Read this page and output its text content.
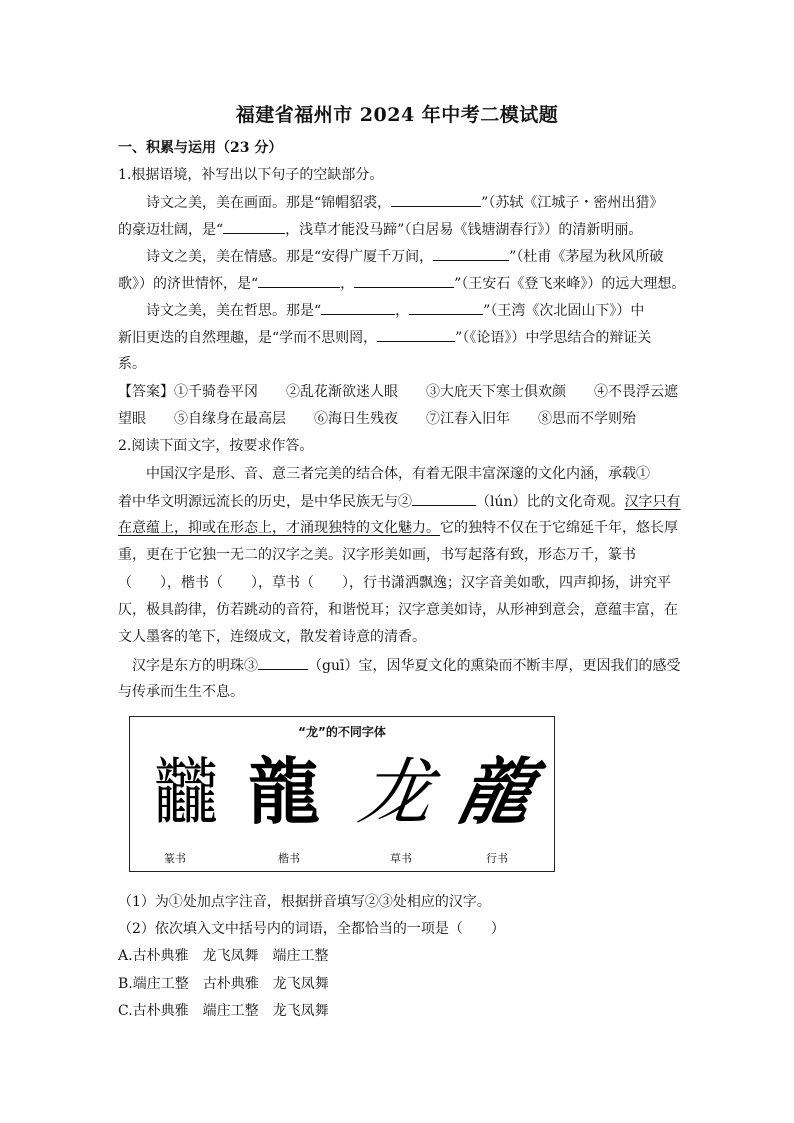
福建省福州市 2024 年中考二模试题
一、积累与运用（23 分）
1.根据语境，补写出以下句子的空缺部分。
诗文之美，美在画面。那是“锦帽貂裘，	”（苏轼《江城子・密州出猎》
的豪迈壮阔，是“	，浅草才能没马蹄”（白居易《钱塘湖春行》）的清新明丽。
诗文之美，美在情感。那是“安得广厦千万间，	”（杜甫《茅屋为秋风所破
歌》）的济世情怀，是“	，	”（王安石《登飞来峰》）的远大理想。
诗文之美，美在哲思。那是“	，	”（王湾《次北固山下》）中
新旧更迭的自然理趣，是“学而不思则罔，	”（《论语》）中学思结合的辩证关
系。
【答案】①千骑卷平冈　　②乱花渐欲迷人眼　　③大庇天下寒士俱欢颜　　④不畏浮云遮
望眼　　⑤自缘身在最高层　　⑥海日生残夜　　⑦江春入旧年　　⑧思而不学则殆
2.阅读下面文字，按要求作答。
中国汉字是形、音、意三者完美的结合体，有着无限丰富深邃的文化内涵，承载①
着中华文明源远流长的历史，是中华民族无与②	（lún）比的文化奇观。汉字只有
在意蕴上，抑或在形态上，才涌现独特的文化魅力。它的独特不仅在于它绵延千年，悠长厚
重，更在于它独一无二的汉字之美。汉字形美如画，书写起落有致，形态万千，篆书
（　　），楷书（　　），草书（　　），行书潇洒飘逸；汉字音美如歌，四声抑扬，讲究平
仄，极具韵律，仿若跳动的音符，和谐悦耳；汉字意美如诗，从形神到意会，意蕴丰富，在
文人墨客的笔下，连缀成文，散发着诗意的清香。
汉字是东方的明珠③	（guī）宝，因华夏文化的熏染而不断丰厚，更因我们的感受
与传承而生生不息。
“龙”的不同字体
龖 龍 龙 龍
篆书	楷书	草书	行书
（1）为①处加点字注音，根据拼音填写②③处相应的汉字。
（2）依次填入文中括号内的词语，全都恰当的一项是（　　）
A.古朴典雅　龙飞凤舞　端庄工整
B.端庄工整　古朴典雅　龙飞凤舞
C.古朴典雅　端庄工整　龙飞凤舞
